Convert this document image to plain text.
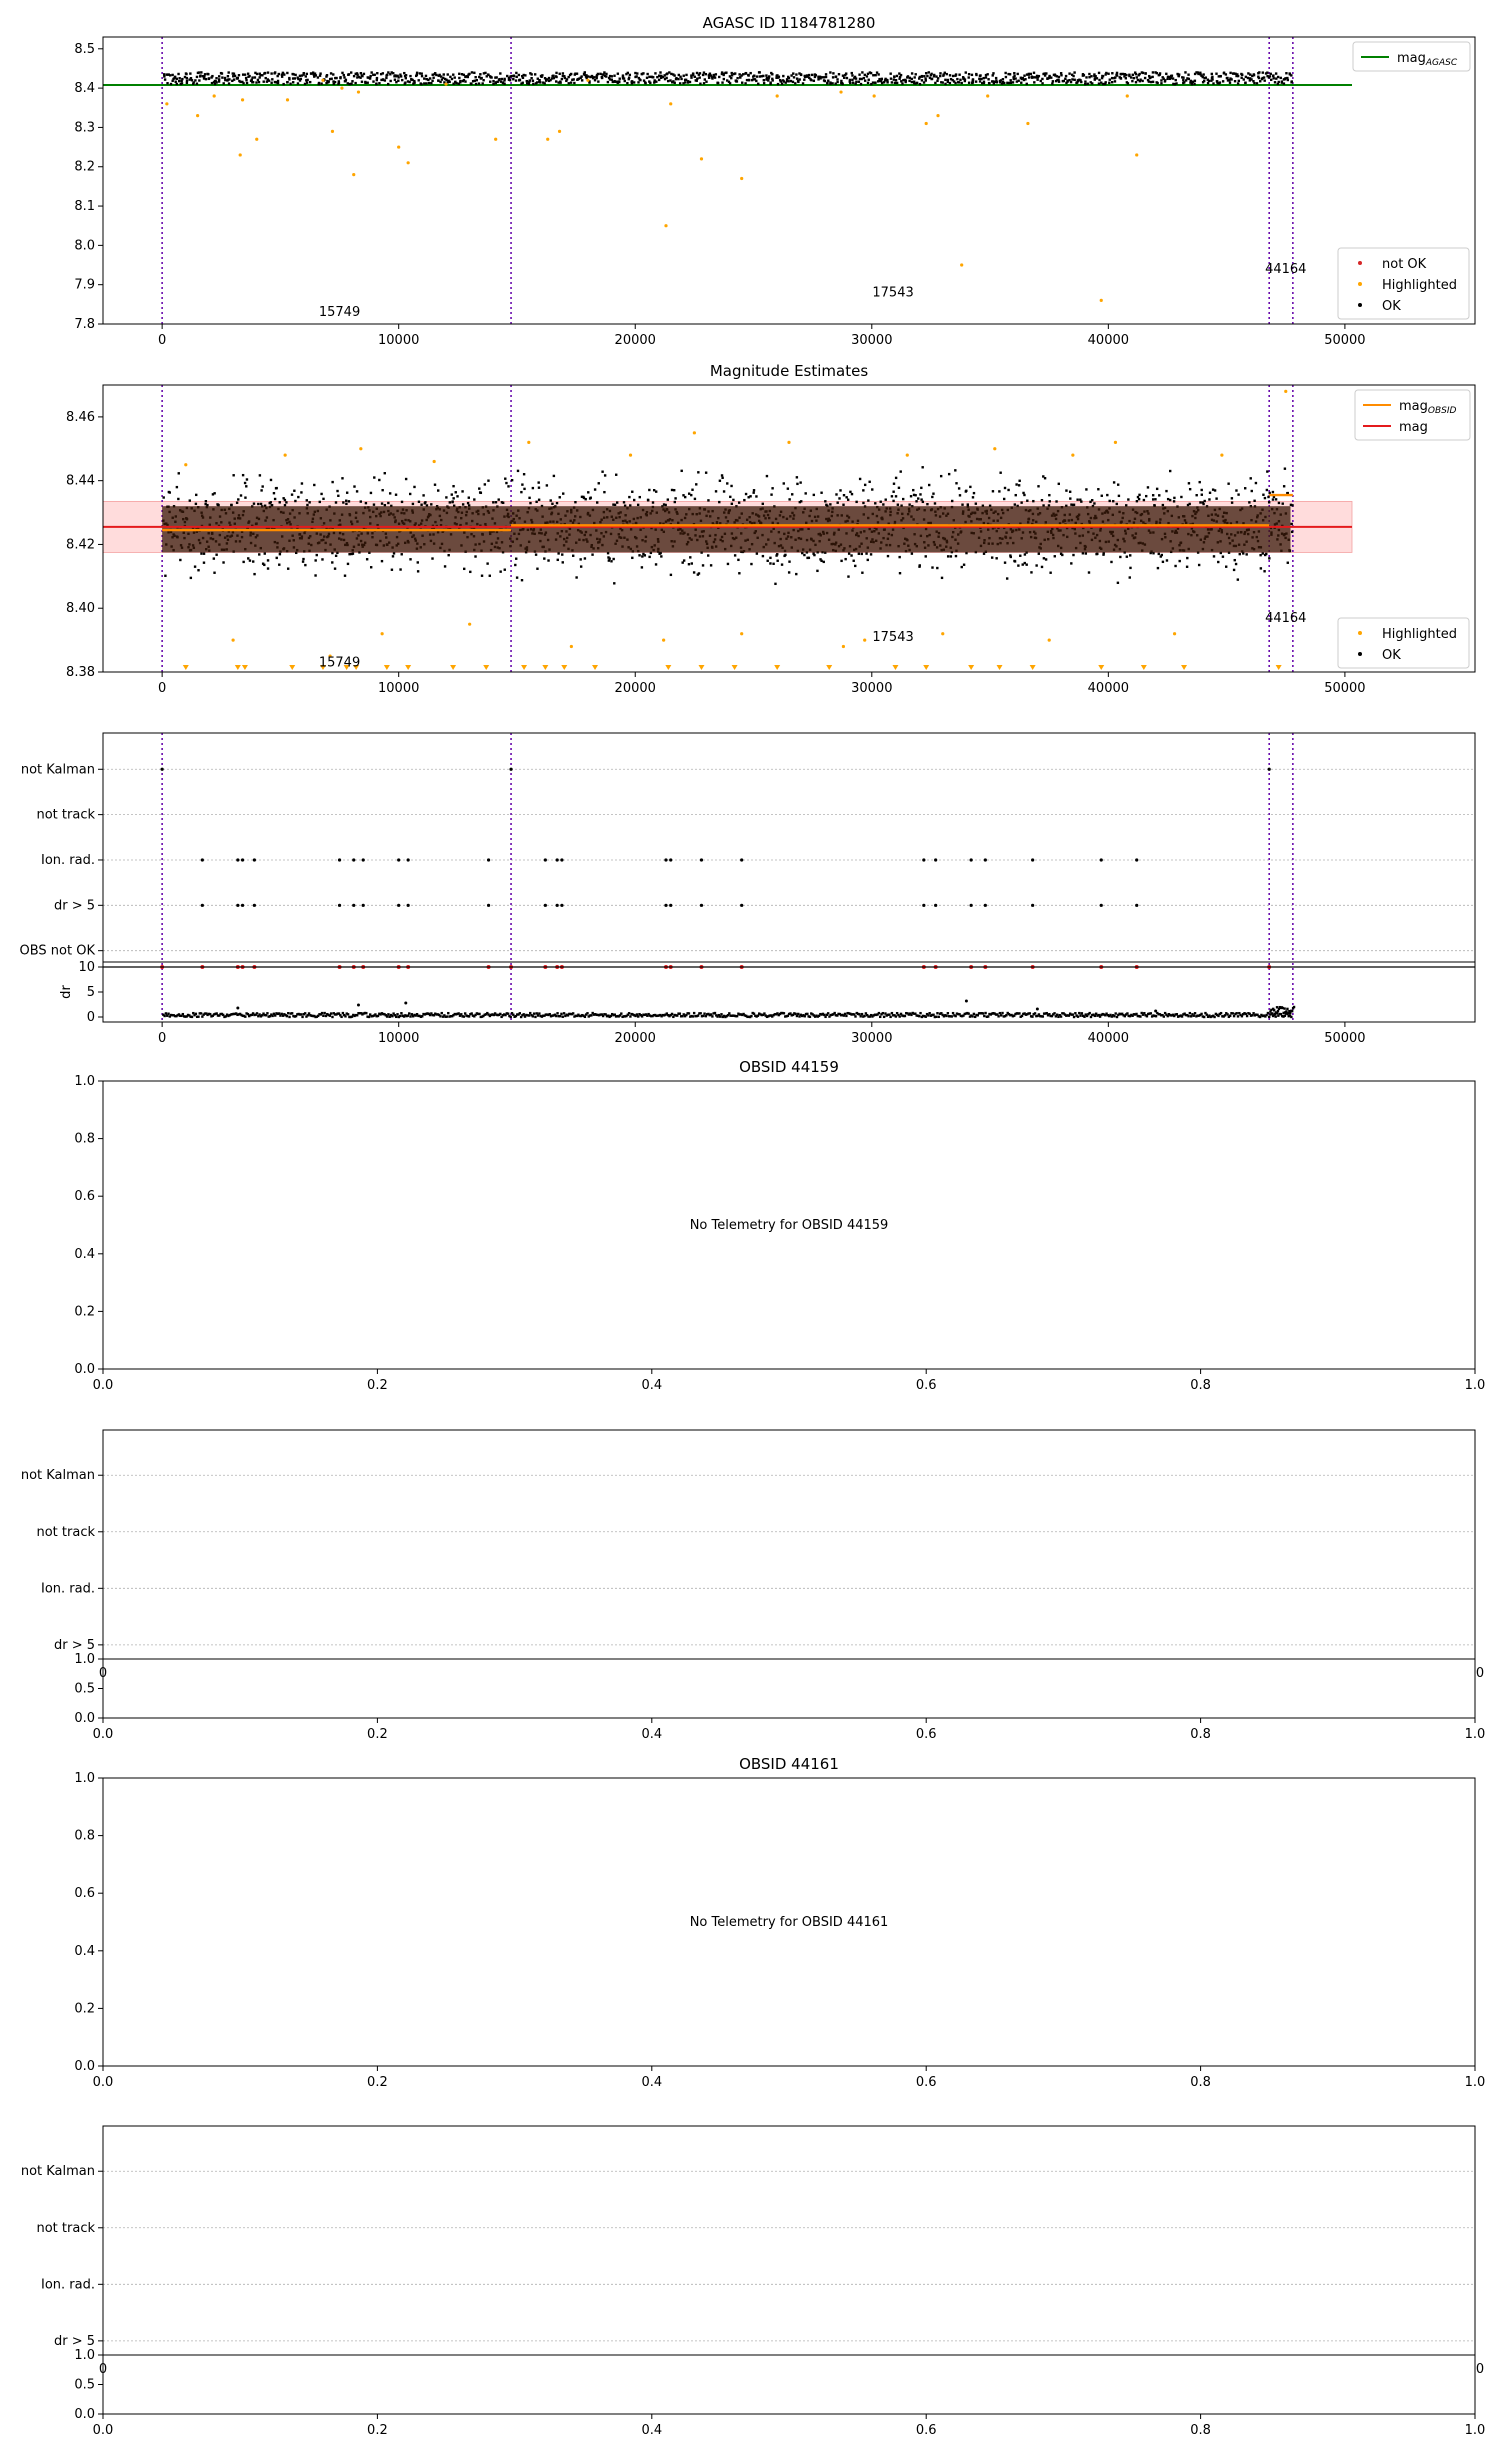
AGASC ID 1184781280
15749
17543
44164
0	10000	20000	30000	40000	50000
7.8
7.9
8.0
8.1
8.2
8.3
8.4
8.5
mag$_{AGASC}$
not OK
Highlighted
OK
Magnitude Estimates
15749
17543
44164
0	10000	20000	30000	40000	50000
8.38
8.40
8.42
8.44
8.46
mag$_{OBSID}$
mag
Highlighted
OK
not Kalman
not track
Ion. rad.
dr > 5
OBS not OK
0
5
10
dr
0	10000	20000	30000	40000	50000
OBSID 44159
No Telemetry for OBSID 44159
0.0	0.2	0.4	0.6	0.8	1.0
0.0
0.2
0.4
0.6
0.8
1.0
OBSID 44161
No Telemetry for OBSID 44161
0.0	0.2	0.4	0.6	0.8	1.0
0.0
0.2
0.4
0.6
0.8
1.0
not Kalman
not track
Ion. rad.
dr > 5
0	0
0.0
0.5
1.0
0.0	0.2	0.4	0.6	0.8	1.0
not Kalman
not track
Ion. rad.
dr > 5
0	0
0.0
0.5
1.0
0.0	0.2	0.4	0.6	0.8	1.0
